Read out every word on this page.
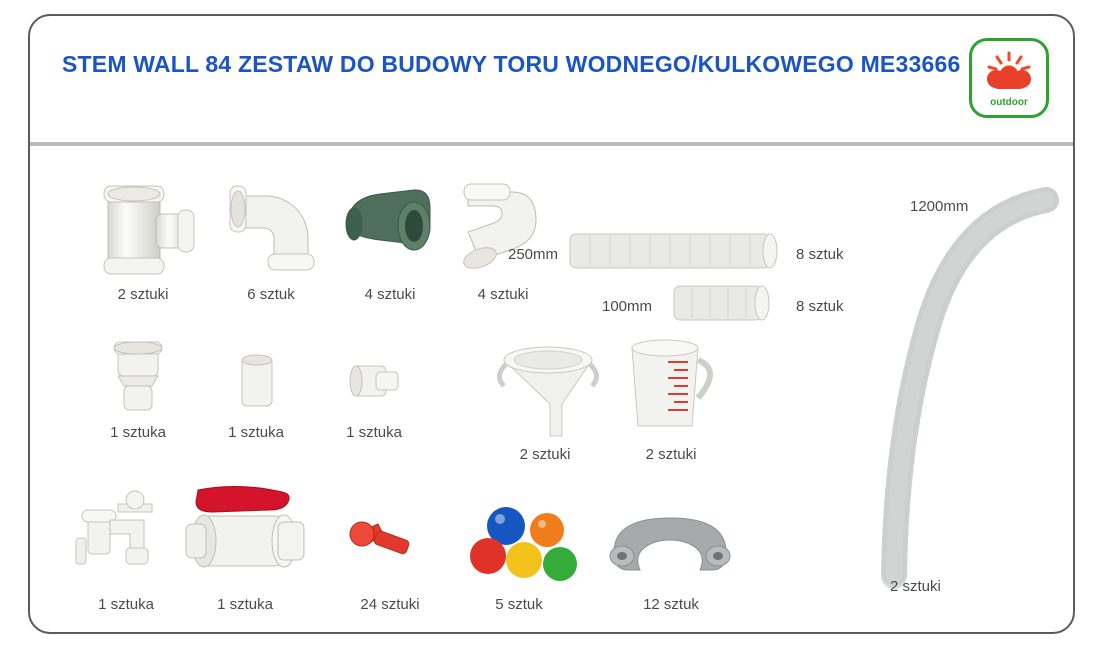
STEM WALL 84 ZESTAW DO BUDOWY TORU WODNEGO/KULKOWEGO ME33666
outdoor
2 sztuki	6 sztuk	4 sztuki	4 sztuki
250mm	8 sztuk
100mm	8 sztuk
1 sztuka	1 sztuka	1 sztuka
2 sztuki	2 sztuki
1 sztuka	1 sztuka	24 sztuki	5 sztuk	12 sztuk
1200mm
2 sztuki
